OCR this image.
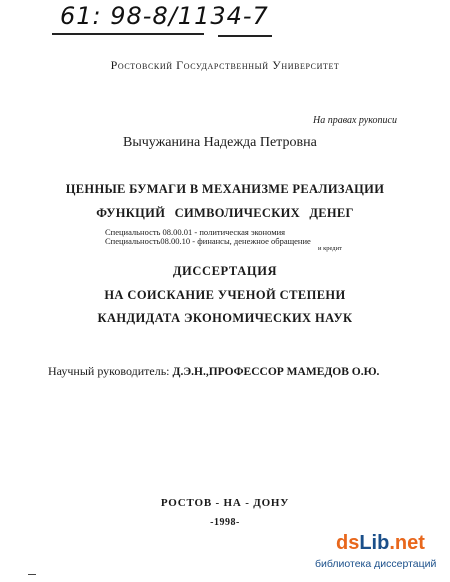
61: 98-8/1134-7
Ростовский Государственный Университет
На правах рукописи
Вычужанина Надежда Петровна
ЦЕННЫЕ БУМАГИ В МЕХАНИЗМЕ РЕАЛИЗАЦИИ
ФУНКЦИЙ СИМВОЛИЧЕСКИХ ДЕНЕГ
Специальность 08.00.01 - политическая экономия
Специальность08.00.10 - финансы, денежное обращение
и кредит
ДИССЕРТАЦИЯ
НА СОИСКАНИЕ УЧЕНОЙ СТЕПЕНИ
КАНДИДАТА ЭКОНОМИЧЕСКИХ НАУК
Научный руководитель: Д.Э.Н.,ПРОФЕССОР МАМЕДОВ О.Ю.
РОСТОВ - НА - ДОНУ
-1998-
dsLib.net
библиотека диссертаций
